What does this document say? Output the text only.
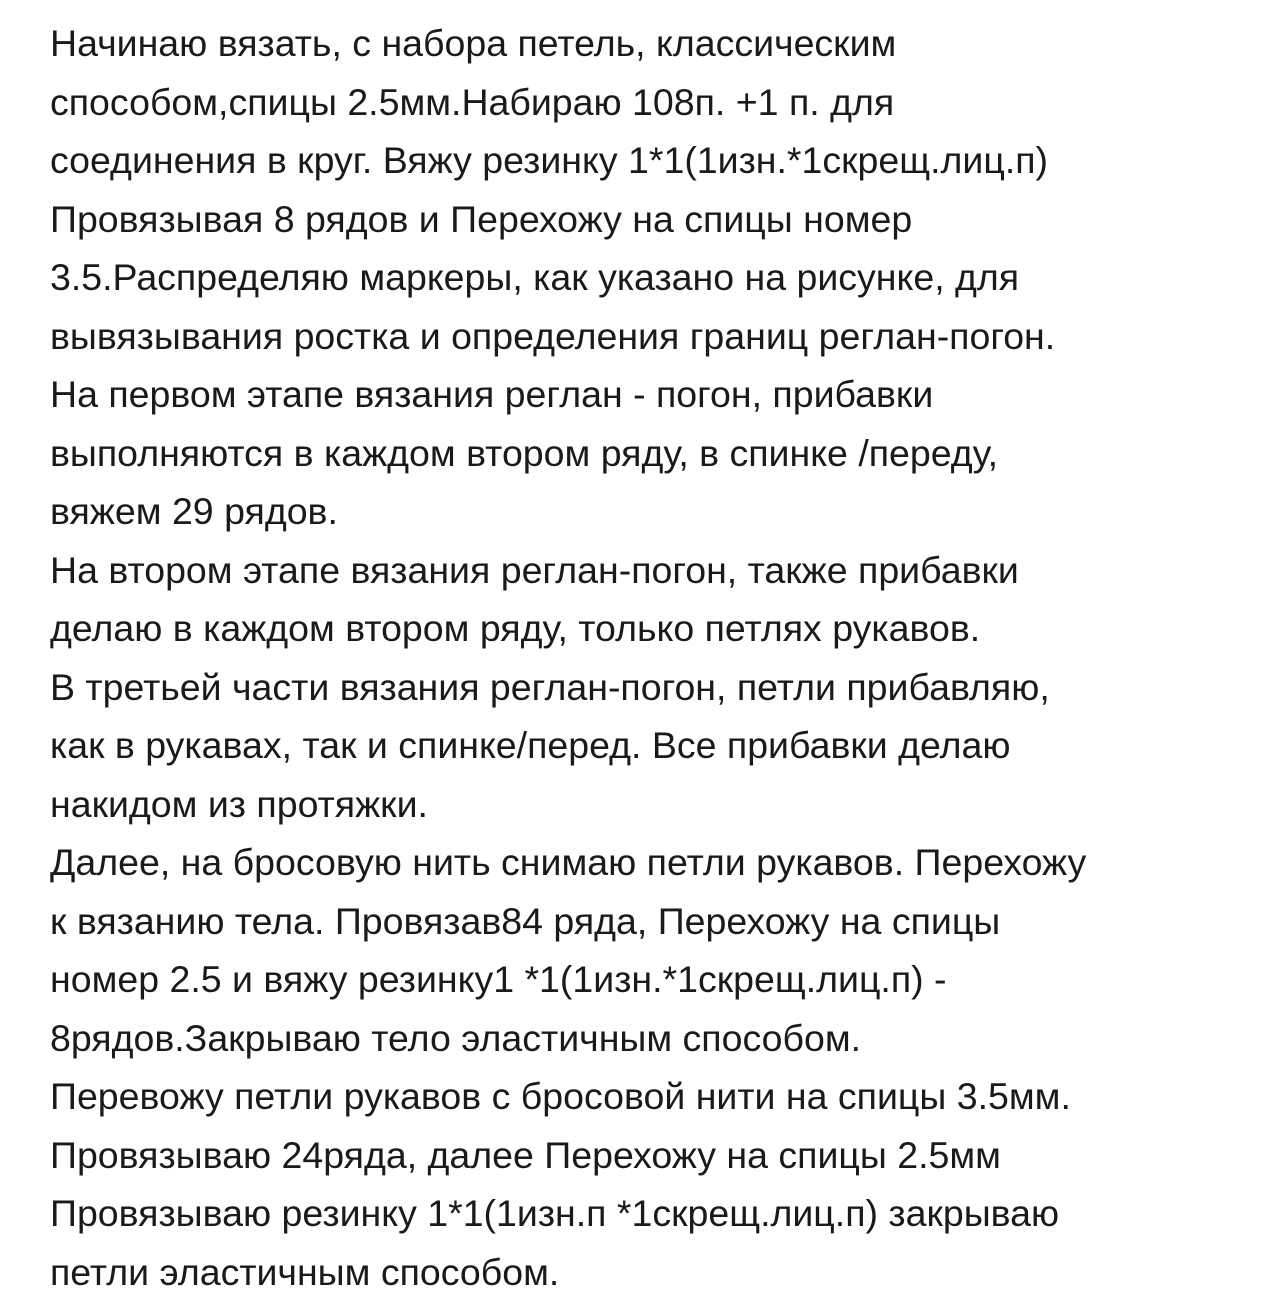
Начинаю вязать, с набора петель, классическим
способом,спицы 2.5мм.Набираю 108п. +1 п. для
соединения в круг. Вяжу резинку 1*1(1изн.*1скрещ.лиц.п)
Провязывая 8 рядов и Перехожу на спицы номер
3.5.Распределяю маркеры, как указано на рисунке, для
вывязывания ростка и определения границ реглан-погон.
На первом этапе вязания реглан - погон, прибавки
выполняются в каждом втором ряду, в спинке /переду,
вяжем 29 рядов.
На втором этапе вязания реглан-погон, также прибавки
делаю в каждом втором ряду, только петлях рукавов.
В третьей части вязания реглан-погон, петли прибавляю,
как в рукавах, так и спинке/перед. Все прибавки делаю
накидом из протяжки.
Далее, на бросовую нить снимаю петли рукавов. Перехожу
к вязанию тела. Провязав84 ряда, Перехожу на спицы
номер 2.5 и вяжу резинку1 *1(1изн.*1скрещ.лиц.п) -
8рядов.Закрываю тело эластичным способом.
Перевожу петли рукавов с бросовой нити на спицы 3.5мм.
Провязываю 24ряда, далее Перехожу на спицы 2.5мм
Провязываю резинку 1*1(1изн.п *1скрещ.лиц.п) закрываю
петли эластичным способом.
